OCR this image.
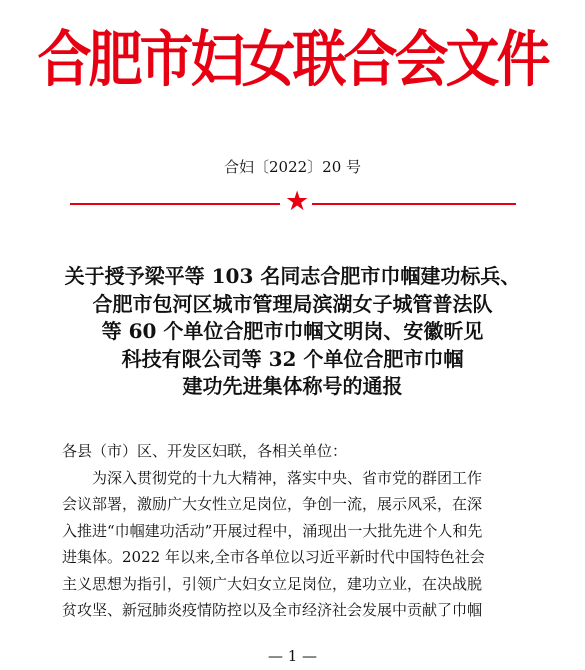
合肥市妇女联合会文件
合妇〔2022〕20 号
★
关于授予梁平等 103 名同志合肥市巾帼建功标兵、
合肥市包河区城市管理局滨湖女子城管普法队
等 60 个单位合肥市巾帼文明岗、安徽昕见
科技有限公司等 32 个单位合肥市巾帼
建功先进集体称号的通报
各县（市）区、开发区妇联，各相关单位：
为深入贯彻党的十九大精神，落实中央、省市党的群团工作
会议部署，激励广大女性立足岗位，争创一流，展示风采，在深
入推进“巾帼建功活动”开展过程中，涌现出一大批先进个人和先
进集体。2022 年以来,全市各单位以习近平新时代中国特色社会
主义思想为指引，引领广大妇女立足岗位，建功立业，在决战脱
贫攻坚、新冠肺炎疫情防控以及全市经济社会发展中贡献了巾帼
— 1 —
